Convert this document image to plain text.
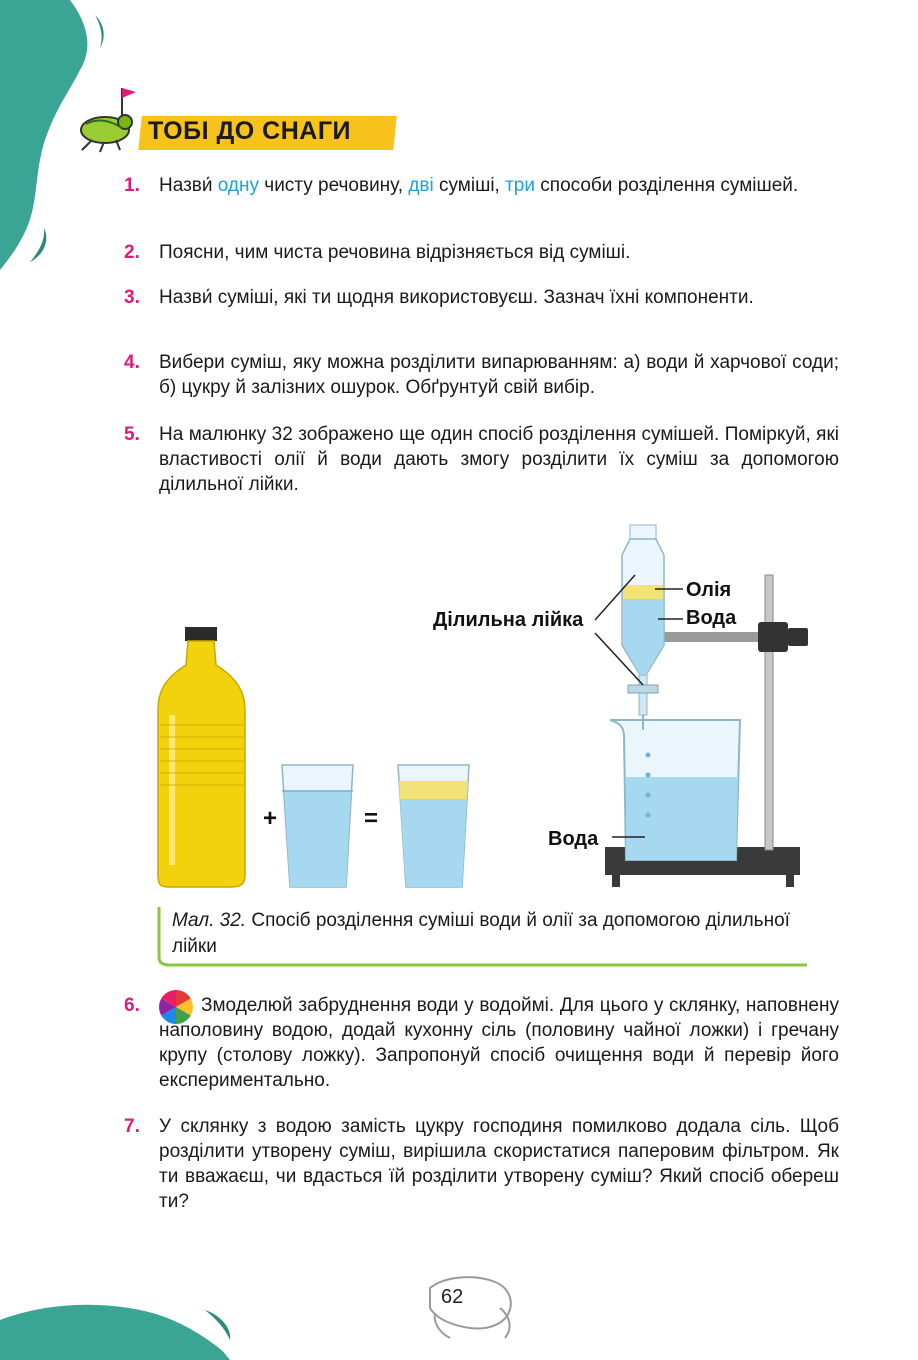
ТОБІ ДО СНАГИ
1. Назви́ одну чисту речовину, дві суміші, три способи розділення сумішей.
2. Поясни, чим чиста речовина відрізняється від суміші.
3. Назви́ суміші, які ти щодня використовуєш. Зазнач їхні компоненти.
4. Вибери суміш, яку можна розділити випарюванням: а) води й харчової соди; б) цукру й залізних ошурок. Обґрунтуй свій вибір.
5. На малюнку 32 зображено ще один спосіб розділення сумішей. Поміркуй, які властивості олії й води дають змогу розділити їх суміш за допомогою ділильної лійки.
+	=
Ділильна лійка
Олія
Вода
Вода
Мал. 32. Спосіб розділення суміші води й олії за допомогою ділильної лійки
6.	Змоделюй забруднення води у водоймі. Для цього у склянку, наповнену наполовину водою, додай кухонну сіль (половину чайної ложки) і гречану крупу (столову ложку). Запропонуй спосіб очищення води й перевір його експериментально.
7. У склянку з водою замість цукру господиня помилково додала сіль. Щоб розділити утворену суміш, вирішила скористатися паперовим фільтром. Як ти вважаєш, чи вдасться їй розділити утворену суміш? Який спосіб обереш ти?
62
